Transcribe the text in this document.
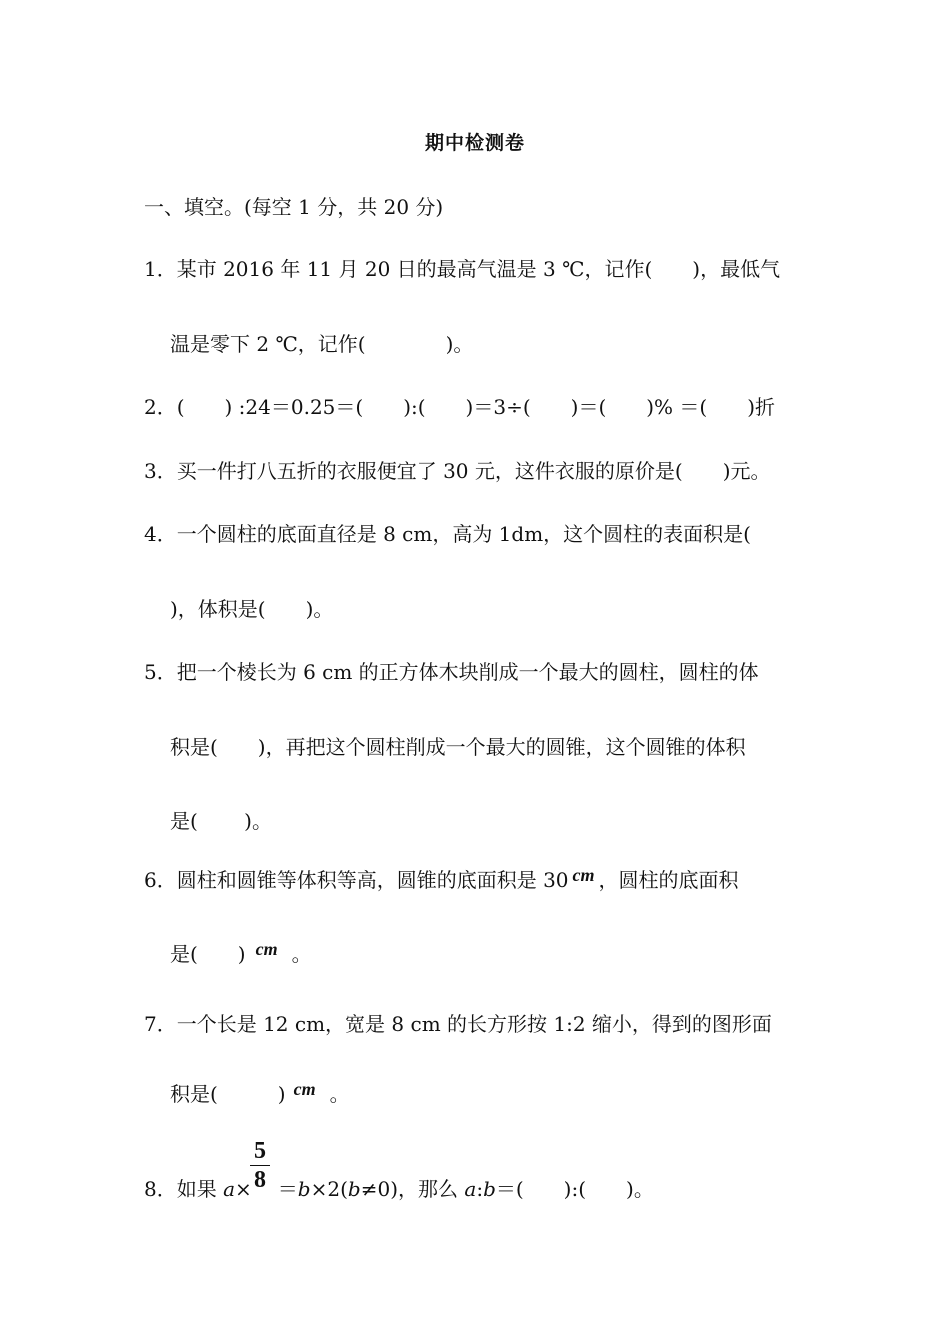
期中检测卷
一、填空。(每空 1 分，共 20 分)
1．某市 2016 年 11 月 20 日的最高气温是 3 ℃，记作(　　)，最低气
温是零下 2 ℃，记作(　　　　)。
2．(　　) :24＝0.25＝(　　):(　　)＝3÷(　　)＝(　　)% ＝(　　)折
3．买一件打八五折的衣服便宜了 30 元，这件衣服的原价是(　　)元。
4．一个圆柱的底面直径是 8 cm，高为 1dm，这个圆柱的表面积是(
)，体积是(　　)。
5．把一个棱长为 6 cm 的正方体木块削成一个最大的圆柱，圆柱的体
积是(　　)，再把这个圆柱削成一个最大的圆锥，这个圆锥的体积
是(　　 )。
6．圆柱和圆锥等体积等高，圆锥的底面积是 30 cm ，圆柱的底面积
是(　　) cm 。
7．一个长是 12 cm，宽是 8 cm 的长方形按 1:2 缩小，得到的图形面
积是(　　　) cm 。
5
8
8．如果 a× ＝b×2(b≠0)，那么 a:b＝(　　):(　　)。
